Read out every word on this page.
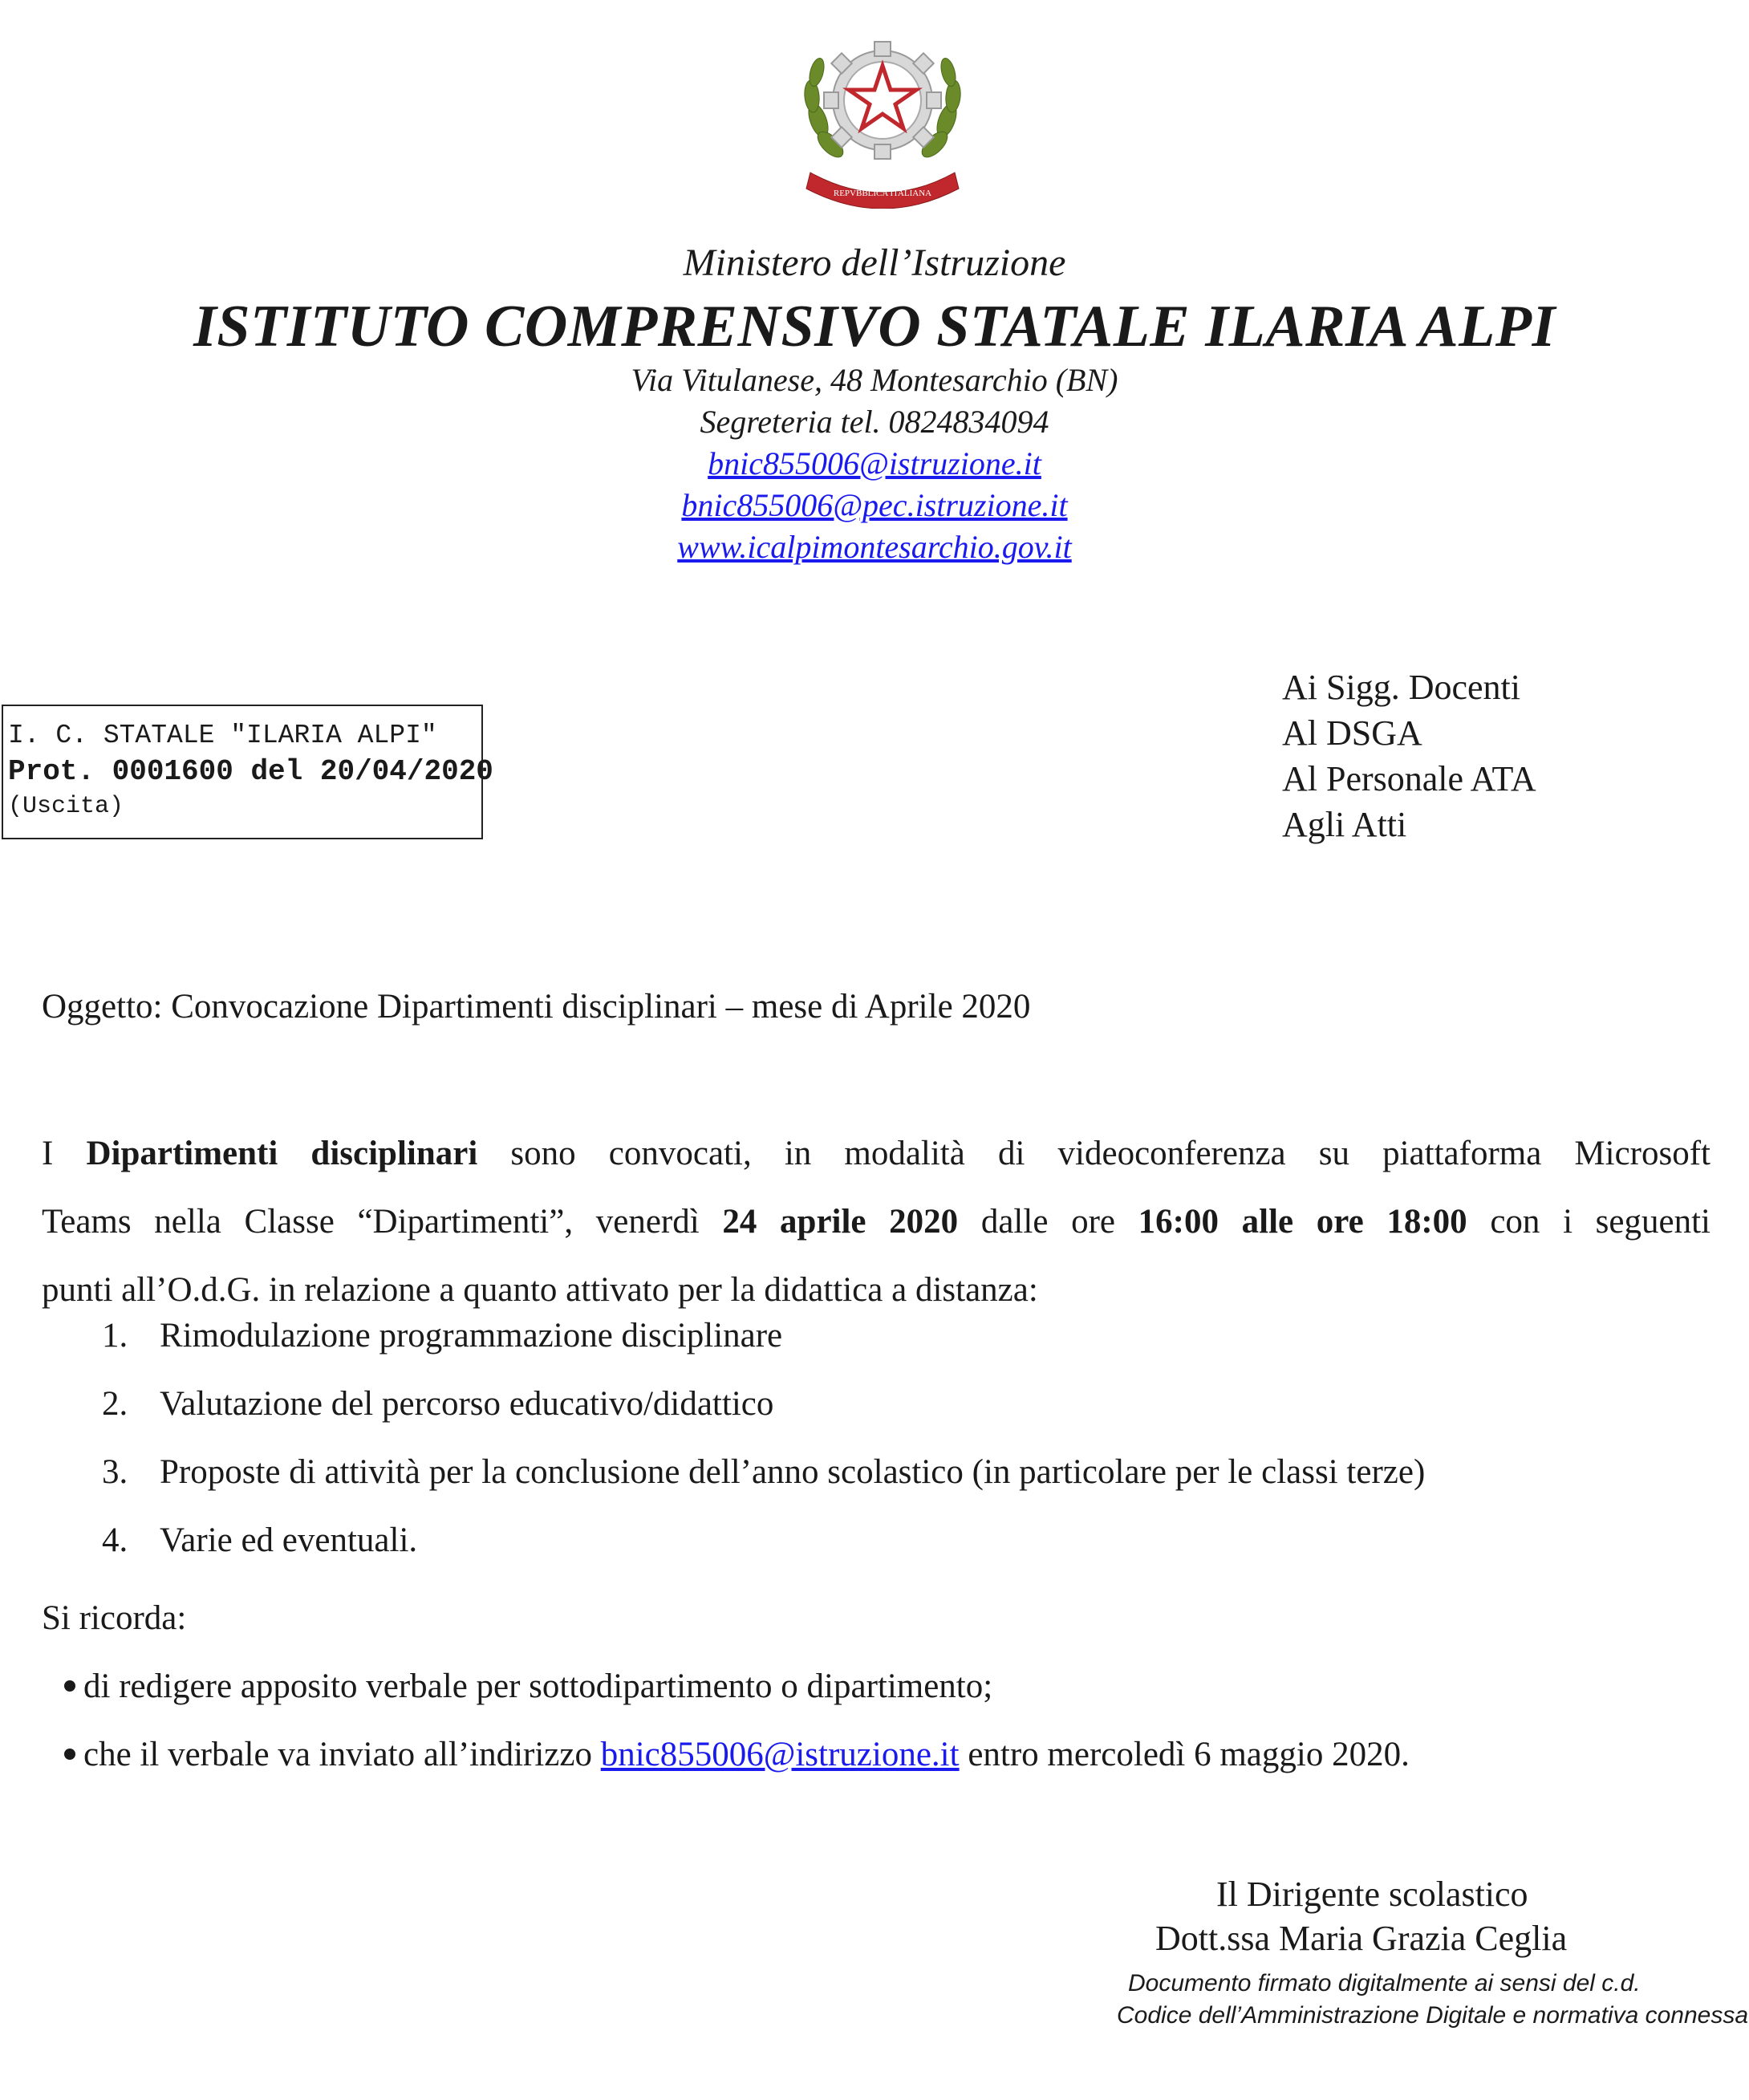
REPVBBLICA ITALIANA
Ministero dell’Istruzione
ISTITUTO COMPRENSIVO STATALE ILARIA ALPI
Via Vitulanese, 48 Montesarchio (BN)
Segreteria tel. 0824834094
bnic855006@istruzione.it
bnic855006@pec.istruzione.it
www.icalpimontesarchio.gov.it
I. C. STATALE "ILARIA ALPI"
Prot. 0001600 del 20/04/2020
(Uscita)
Ai Sigg. Docenti
Al DSGA
Al Personale ATA
Agli Atti
Oggetto: Convocazione Dipartimenti disciplinari – mese di Aprile 2020

I Dipartimenti disciplinari sono convocati, in modalità di videoconferenza su piattaforma Microsoft

Teams nella Classe “Dipartimenti”, venerdì 24 aprile 2020 dalle ore 16:00 alle ore 18:00 con i seguenti

punti all’O.d.G. in relazione a quanto attivato per la didattica a distanza:

1. Rimodulazione programmazione disciplinare
2. Valutazione del percorso educativo/didattico
3. Proposte di attività per la conclusione dell’anno scolastico (in particolare per le classi terze)
4. Varie ed eventuali.
Si ricorda:
di redigere apposito verbale per sottodipartimento o dipartimento;
che il verbale va inviato all’indirizzo bnic855006@istruzione.it entro mercoledì 6 maggio 2020.
Il Dirigente scolastico
Dott.ssa Maria Grazia Ceglia
Documento firmato digitalmente ai sensi del c.d.
Codice dell’Amministrazione Digitale e normativa connessa
